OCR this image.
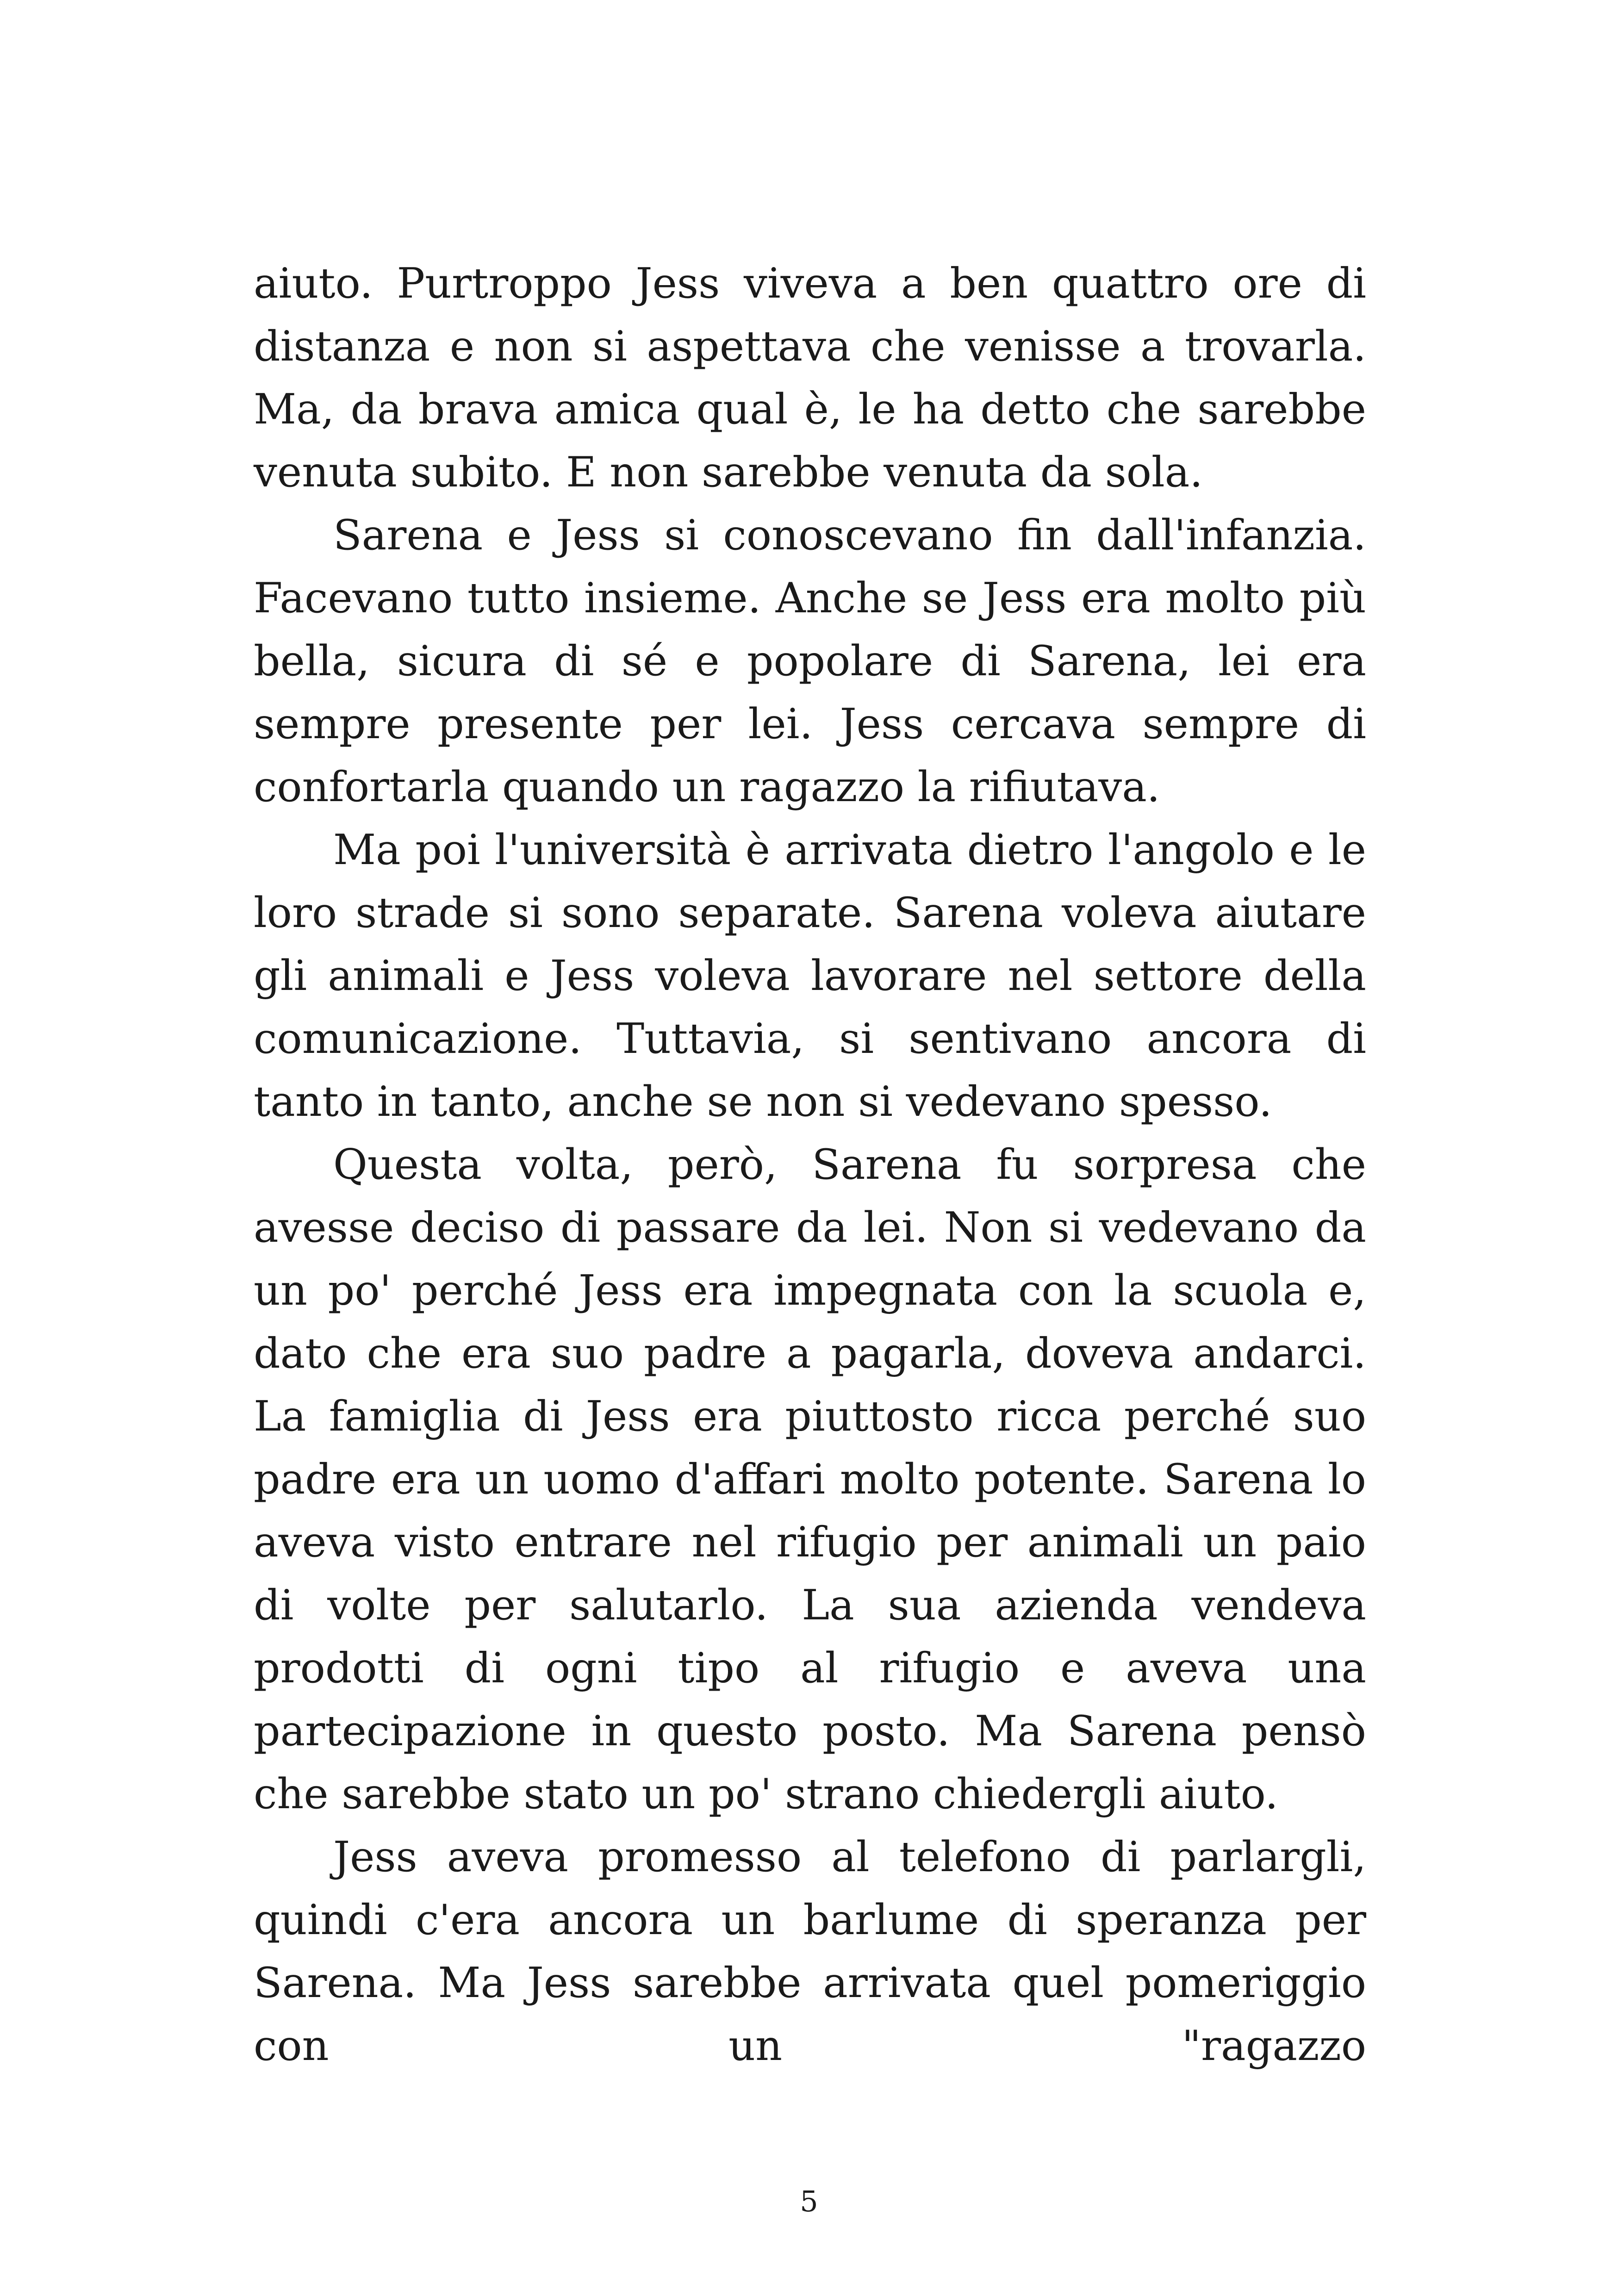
aiuto. Purtroppo Jess viveva a ben quattro ore di distanza e non si aspettava che venisse a trovarla. Ma, da brava amica qual è, le ha detto che sarebbe venuta subito. E non sarebbe venuta da sola.

Sarena e Jess si conoscevano fin dall'infanzia. Facevano tutto insieme. Anche se Jess era molto più bella, sicura di sé e popolare di Sarena, lei era sempre presente per lei. Jess cercava sempre di confortarla quando un ragazzo la rifiutava.

Ma poi l'università è arrivata dietro l'angolo e le loro strade si sono separate. Sarena voleva aiutare gli animali e Jess voleva lavorare nel settore della comunicazione. Tuttavia, si sentivano ancora di tanto in tanto, anche se non si vedevano spesso.

Questa volta, però, Sarena fu sorpresa che avesse deciso di passare da lei. Non si vedevano da un po' perché Jess era impegnata con la scuola e, dato che era suo padre a pagarla, doveva andarci. La famiglia di Jess era piuttosto ricca perché suo padre era un uomo d'affari molto potente. Sarena lo aveva visto entrare nel rifugio per animali un paio di volte per salutarlo. La sua azienda vendeva prodotti di ogni tipo al rifugio e aveva una partecipazione in questo posto. Ma Sarena pensò che sarebbe stato un po' strano chiedergli aiuto.

Jess aveva promesso al telefono di parlargli, quindi c'era ancora un barlume di speranza per Sarena. Ma Jess sarebbe arrivata quel pomeriggio con un "ragazzo

5
